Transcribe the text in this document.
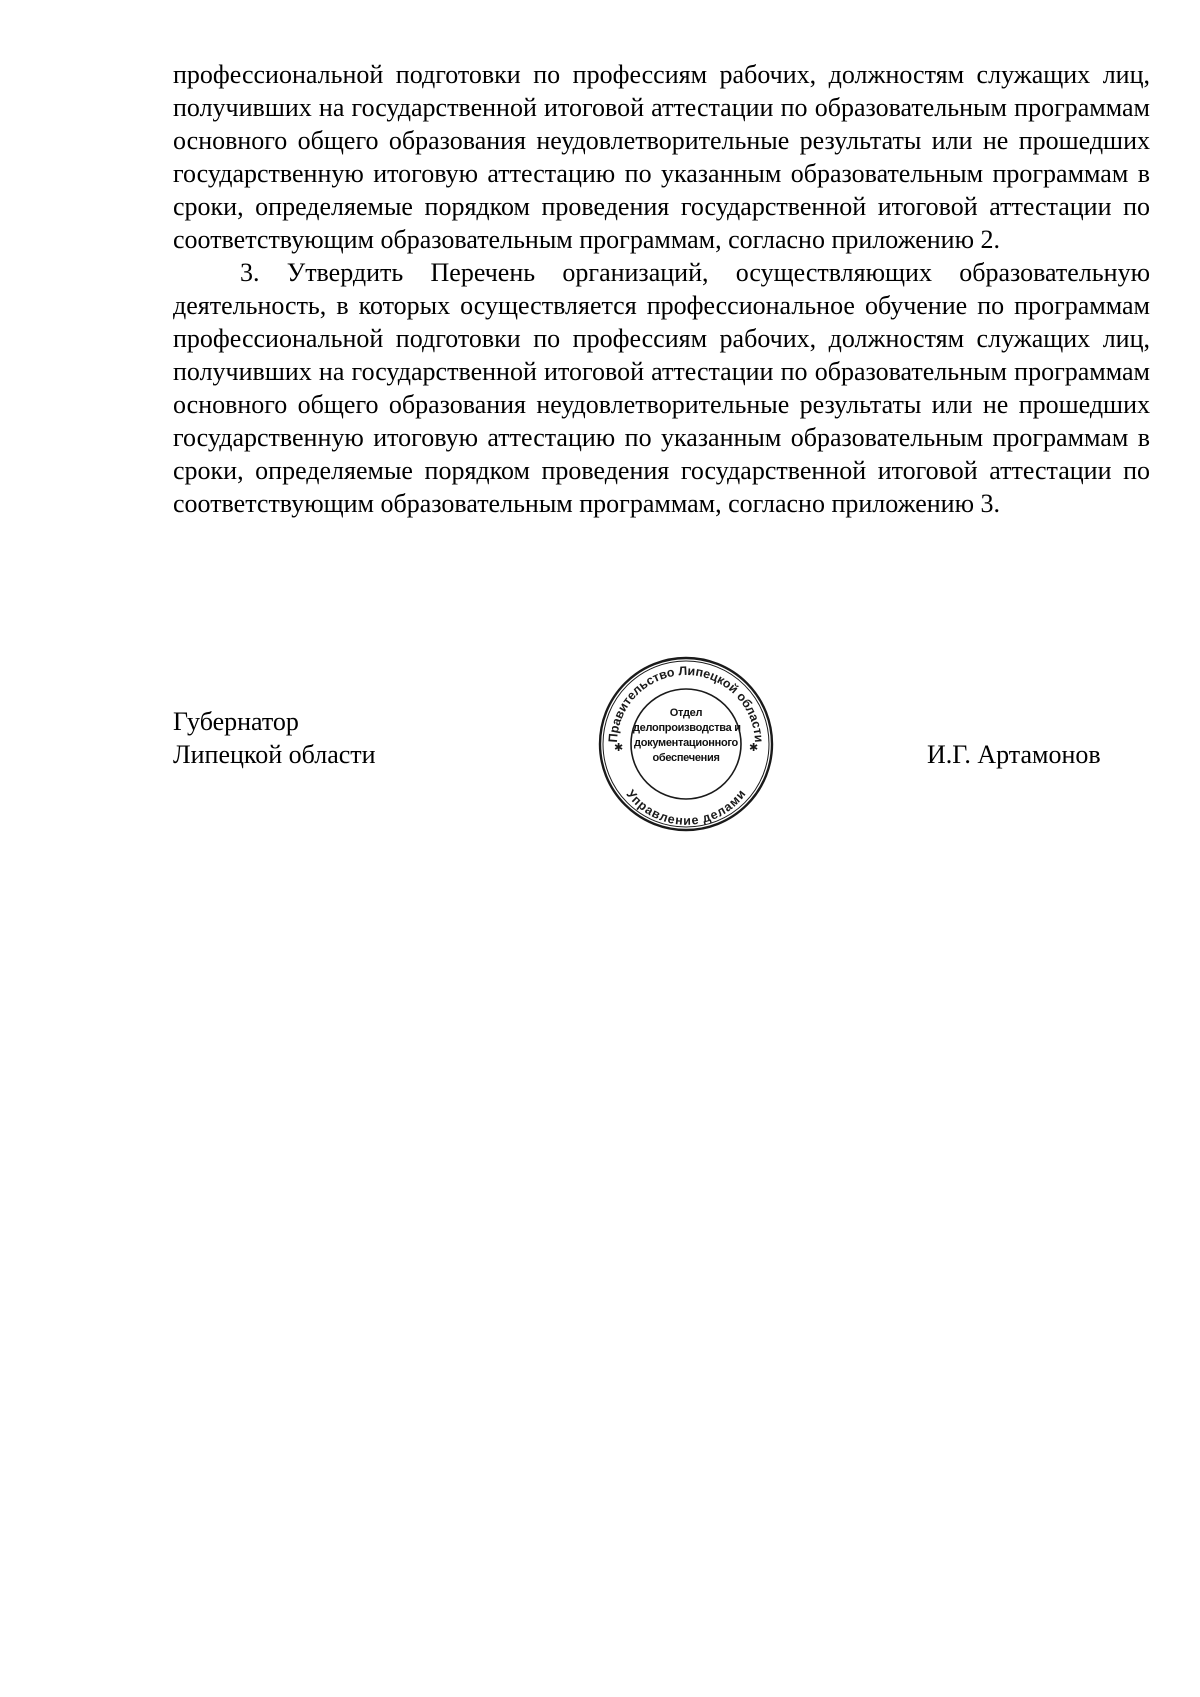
профессиональной подготовки по профессиям рабочих, должностям служащих лиц, получивших на государственной итоговой аттестации по образовательным программам основного общего образования неудовлетворительные результаты или не прошедших государственную итоговую аттестацию по указанным образовательным программам в сроки, определяемые порядком проведения государственной итоговой аттестации по соответствующим образовательным программам, согласно приложению 2.

3. Утвердить Перечень организаций, осуществляющих образовательную деятельность, в которых осуществляется профессиональное обучение по программам профессиональной подготовки по профессиям рабочих, должностям служащих лиц, получивших на государственной итоговой аттестации по образовательным программам основного общего образования неудовлетворительные результаты или не прошедших государственную итоговую аттестацию по указанным образовательным программам в сроки, определяемые порядком проведения государственной итоговой аттестации по соответствующим образовательным программам, согласно приложению 3.

Губернатор
Липецкой области
Правительство Липецкой области
Управление делами
✱	✱
Отдел
делопроизводства и
документационного
обеспечения	И.Г. Артамонов
